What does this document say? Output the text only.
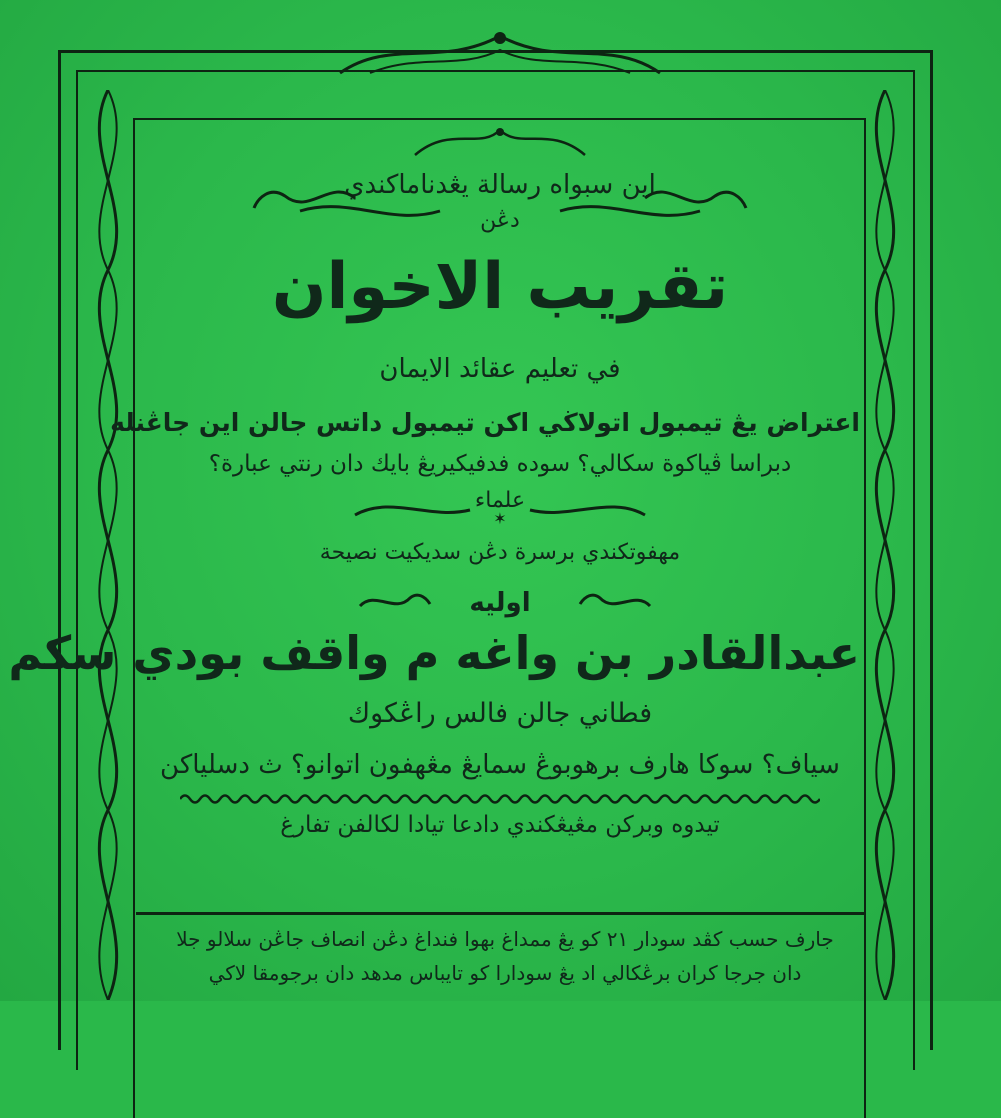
اين سبواه رسالة يڠدناماكندي
دڠن
تقريب الاخوان
في تعليم عقائد الايمان
اعتراض يڠ تيمبول اتولاڬي اكن تيمبول داتس جالن اين جاڠنله
دبراسا ڤياكوة سكالي؟ سوده فدفيكيريڠ بايك دان رنتي عبارة؟
علماء
مهفوتكندي برسرة دڠن سديكيت نصيحة
اوليه
عبدالقادر بن واغه م واقف بودي سكم
فطاني جالن فالس راڠكوك
سياف؟ سوكا هارف برهوبوڠ سمايڠ مڠهفون اتوانو؟ ث دسلياكن
تيدوه وبركن مڠيڠكندي دادعا تيادا لكالفن تفارغ
✶
جارف حسب كڤد سودار ٢١ كو يڠ ممداغ بهوا فنداغ دڠن انصاف جاڠن سلالو جلا
دان جرجا كران برڠكالي اد يڠ سودارا كو تايباس مدهد دان برجومقا لاكي
